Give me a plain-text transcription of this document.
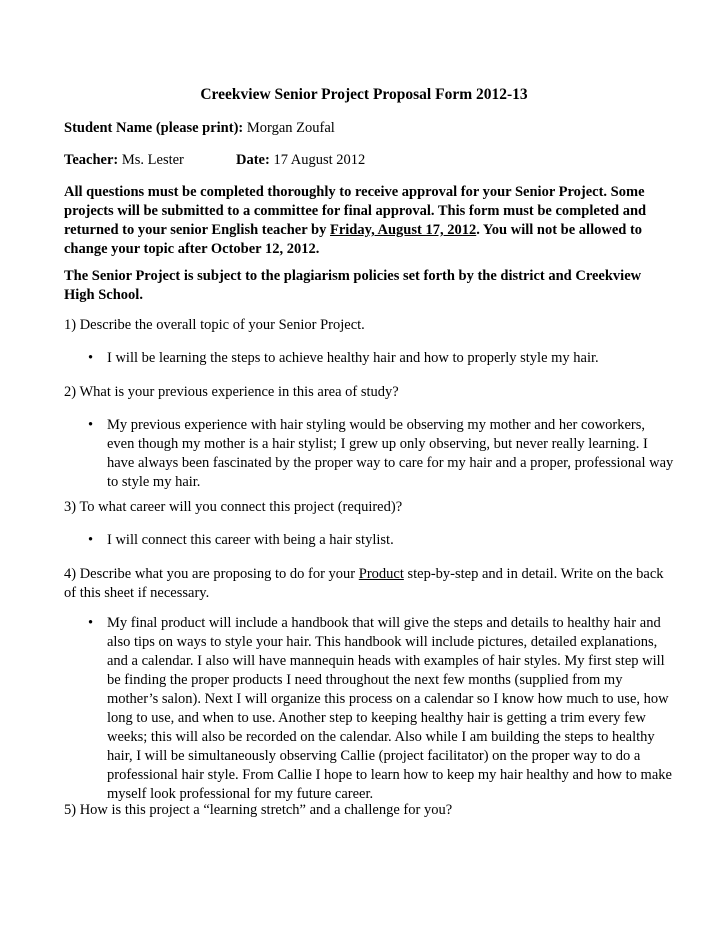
Creekview Senior Project Proposal Form 2012-13
Student Name (please print): Morgan Zoufal
Teacher: Ms. Lester	Date: 17 August 2012
All questions must be completed thoroughly to receive approval for your Senior Project. Some projects will be submitted to a committee for final approval. This form must be completed and returned to your senior English teacher by Friday, August 17, 2012. You will not be allowed to change your topic after October 12, 2012.
The Senior Project is subject to the plagiarism policies set forth by the district and Creekview High School.
1) Describe the overall topic of your Senior Project.
• I will be learning the steps to achieve healthy hair and how to properly style my hair.
2) What is your previous experience in this area of study?
• My previous experience with hair styling would be observing my mother and her coworkers, even though my mother is a hair stylist; I grew up only observing, but never really learning. I have always been fascinated by the proper way to care for my hair and a proper, professional way to style my hair.
3) To what career will you connect this project (required)?
• I will connect this career with being a hair stylist.
4) Describe what you are proposing to do for your Product step-by-step and in detail. Write on the back of this sheet if necessary.
• My final product will include a handbook that will give the steps and details to healthy hair and also tips on ways to style your hair. This handbook will include pictures, detailed explanations, and a calendar. I also will have mannequin heads with examples of hair styles. My first step will be finding the proper products I need throughout the next few months (supplied from my mother’s salon). Next I will organize this process on a calendar so I know how much to use, how long to use, and when to use. Another step to keeping healthy hair is getting a trim every few weeks; this will also be recorded on the calendar. Also while I am building the steps to healthy hair, I will be simultaneously observing Callie (project facilitator) on the proper way to do a professional hair style. From Callie I hope to learn how to keep my hair healthy and how to make myself look professional for my future career.
5) How is this project a “learning stretch” and a challenge for you?
